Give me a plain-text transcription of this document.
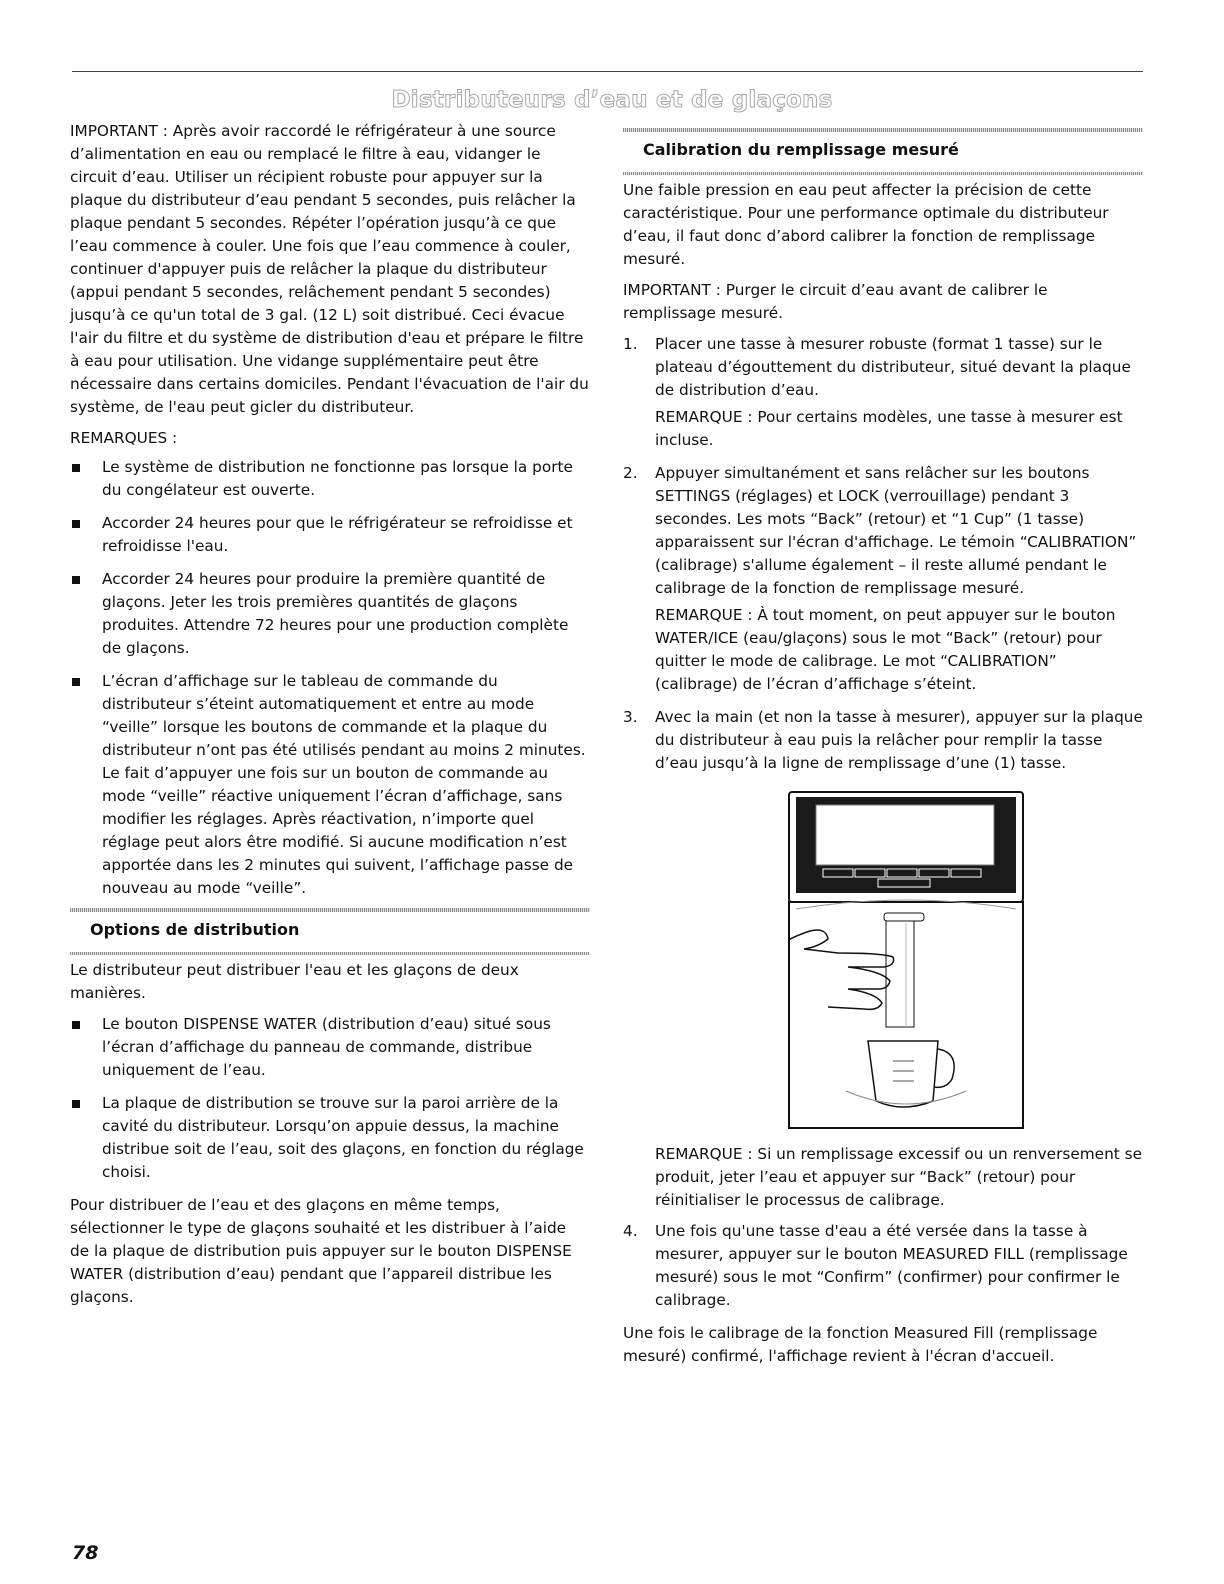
Distributeurs d’eau et de glaçons

IMPORTANT : Après avoir raccordé le réfrigérateur à une source d’alimentation en eau ou remplacé le filtre à eau, vidanger le circuit d’eau. Utiliser un récipient robuste pour appuyer sur la plaque du distributeur d’eau pendant 5 secondes, puis relâcher la plaque pendant 5 secondes. Répéter l’opération jusqu’à ce que l’eau commence à couler. Une fois que l’eau commence à couler, continuer d'appuyer puis de relâcher la plaque du distributeur (appui pendant 5 secondes, relâchement pendant 5 secondes) jusqu’à ce qu'un total de 3 gal. (12 L) soit distribué. Ceci évacue l'air du filtre et du système de distribution d'eau et prépare le filtre à eau pour utilisation. Une vidange supplémentaire peut être nécessaire dans certains domiciles. Pendant l'évacuation de l'air du système, de l'eau peut gicler du distributeur.

REMARQUES :

Le système de distribution ne fonctionne pas lorsque la porte du congélateur est ouverte.
Accorder 24 heures pour que le réfrigérateur se refroidisse et refroidisse l'eau.
Accorder 24 heures pour produire la première quantité de glaçons. Jeter les trois premières quantités de glaçons produites. Attendre 72 heures pour une production complète de glaçons.
L’écran d’affichage sur le tableau de commande du distributeur s’éteint automatiquement et entre au mode “veille” lorsque les boutons de commande et la plaque du distributeur n’ont pas été utilisés pendant au moins 2 minutes. Le fait d’appuyer une fois sur un bouton de commande au mode “veille” réactive uniquement l’écran d’affichage, sans modifier les réglages. Après réactivation, n’importe quel réglage peut alors être modifié. Si aucune modification n’est apportée dans les 2 minutes qui suivent, l’affichage passe de nouveau au mode “veille”.
Options de distribution

Le distributeur peut distribuer l'eau et les glaçons de deux manières.

Le bouton DISPENSE WATER (distribution d’eau) situé sous l’écran d’affichage du panneau de commande, distribue uniquement de l’eau.
La plaque de distribution se trouve sur la paroi arrière de la cavité du distributeur. Lorsqu’on appuie dessus, la machine distribue soit de l’eau, soit des glaçons, en fonction du réglage choisi.

Pour distribuer de l’eau et des glaçons en même temps, sélectionner le type de glaçons souhaité et les distribuer à l’aide de la plaque de distribution puis appuyer sur le bouton DISPENSE WATER (distribution d’eau) pendant que l’appareil distribue les glaçons.

Calibration du remplissage mesuré

Une faible pression en eau peut affecter la précision de cette caractéristique. Pour une performance optimale du distributeur d’eau, il faut donc d’abord calibrer la fonction de remplissage mesuré.

IMPORTANT : Purger le circuit d’eau avant de calibrer le remplissage mesuré.

1. Placer une tasse à mesurer robuste (format 1 tasse) sur le plateau d’égouttement du distributeur, situé devant la plaque de distribution d’eau.

REMARQUE : Pour certains modèles, une tasse à mesurer est incluse.

2. Appuyer simultanément et sans relâcher sur les boutons SETTINGS (réglages) et LOCK (verrouillage) pendant 3 secondes. Les mots “Back” (retour) et “1 Cup” (1 tasse) apparaissent sur l'écran d'affichage. Le témoin “CALIBRATION” (calibrage) s'allume également – il reste allumé pendant le calibrage de la fonction de remplissage mesuré.

REMARQUE : À tout moment, on peut appuyer sur le bouton WATER/ICE (eau/glaçons) sous le mot “Back” (retour) pour quitter le mode de calibrage. Le mot “CALIBRATION” (calibrage) de l’écran d’affichage s’éteint.

3. Avec la main (et non la tasse à mesurer), appuyer sur la plaque du distributeur à eau puis la relâcher pour remplir la tasse d’eau jusqu’à la ligne de remplissage d’une (1) tasse.

REMARQUE : Si un remplissage excessif ou un renversement se produit, jeter l’eau et appuyer sur “Back” (retour) pour réinitialiser le processus de calibrage.

4. Une fois qu'une tasse d'eau a été versée dans la tasse à mesurer, appuyer sur le bouton MEASURED FILL (remplissage mesuré) sous le mot “Confirm” (confirmer) pour confirmer le calibrage.

Une fois le calibrage de la fonction Measured Fill (remplissage mesuré) confirmé, l'affichage revient à l'écran d'accueil.

78
